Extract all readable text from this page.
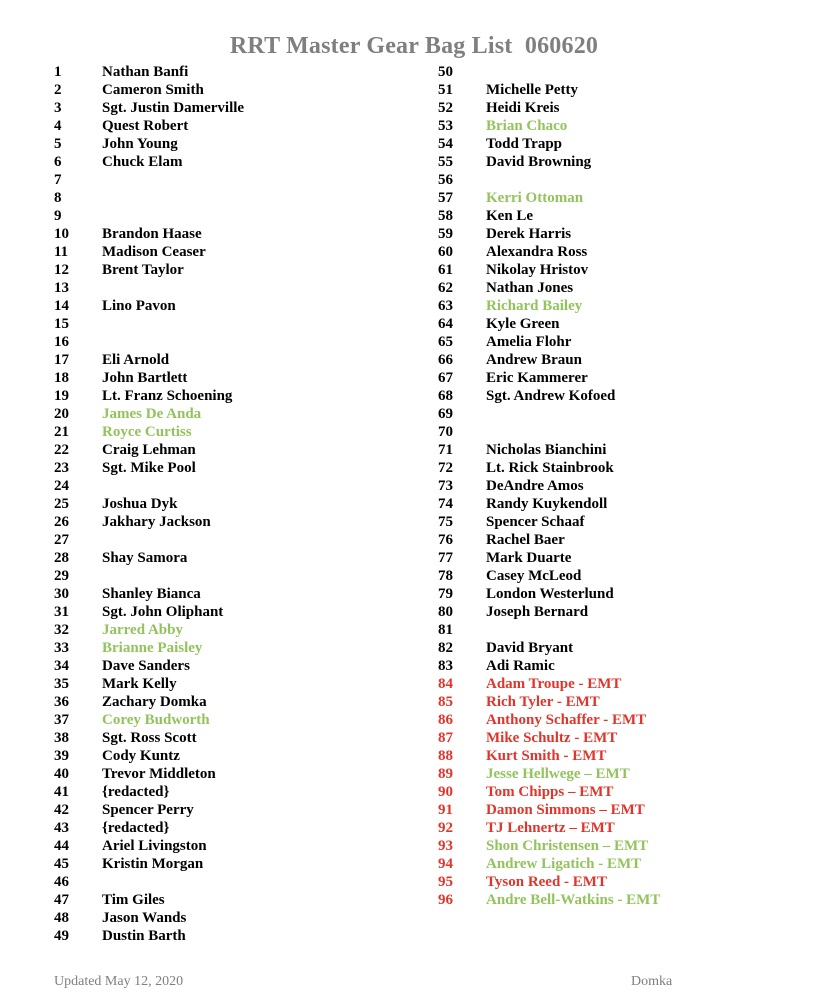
RRT Master Gear Bag List  060620
1	Nathan Banfi
2	Cameron Smith
3	Sgt. Justin Damerville
4	Quest Robert
5	John Young
6	Chuck Elam
7
8
9
10 Brandon Haase
11 Madison Ceaser
12 Brent Taylor
13
14 Lino Pavon
15
16
17 Eli Arnold
18 John Bartlett
19 Lt. Franz Schoening
20 James De Anda
21 Royce Curtiss
22 Craig Lehman
23 Sgt. Mike Pool
24
25 Joshua Dyk
26 Jakhary Jackson
27
28 Shay Samora
29
30 Shanley Bianca
31 Sgt. John Oliphant
32 Jarred Abby
33 Brianne Paisley
34 Dave Sanders
35 Mark Kelly
36 Zachary Domka
37 Corey Budworth
38 Sgt. Ross Scott
39 Cody Kuntz
40 Trevor Middleton
41 {redacted}
42 Spencer Perry
43 {redacted}
44 Ariel Livingston
45 Kristin Morgan
46
47 Tim Giles
48 Jason Wands
49 Dustin Barth
50
51 Michelle Petty
52 Heidi Kreis
53 Brian Chaco
54 Todd Trapp
55 David Browning
56
57 Kerri Ottoman
58 Ken Le
59 Derek Harris
60 Alexandra Ross
61 Nikolay Hristov
62 Nathan Jones
63 Richard Bailey
64 Kyle Green
65 Amelia Flohr
66 Andrew Braun
67 Eric Kammerer
68 Sgt. Andrew Kofoed
69
70
71 Nicholas Bianchini
72 Lt. Rick Stainbrook
73 DeAndre Amos
74 Randy Kuykendoll
75 Spencer Schaaf
76 Rachel Baer
77 Mark Duarte
78 Casey McLeod
79 London Westerlund
80 Joseph Bernard
81
82 David Bryant
83 Adi Ramic
84 Adam Troupe - EMT
85 Rich Tyler - EMT
86 Anthony Schaffer - EMT
87 Mike Schultz - EMT
88 Kurt Smith - EMT
89 Jesse Hellwege – EMT
90 Tom Chipps – EMT
91 Damon Simmons – EMT
92 TJ Lehnertz – EMT
93 Shon Christensen – EMT
94 Andrew Ligatich - EMT
95 Tyson Reed - EMT
96 Andre Bell-Watkins - EMT
Updated May 12, 2020	Domka
